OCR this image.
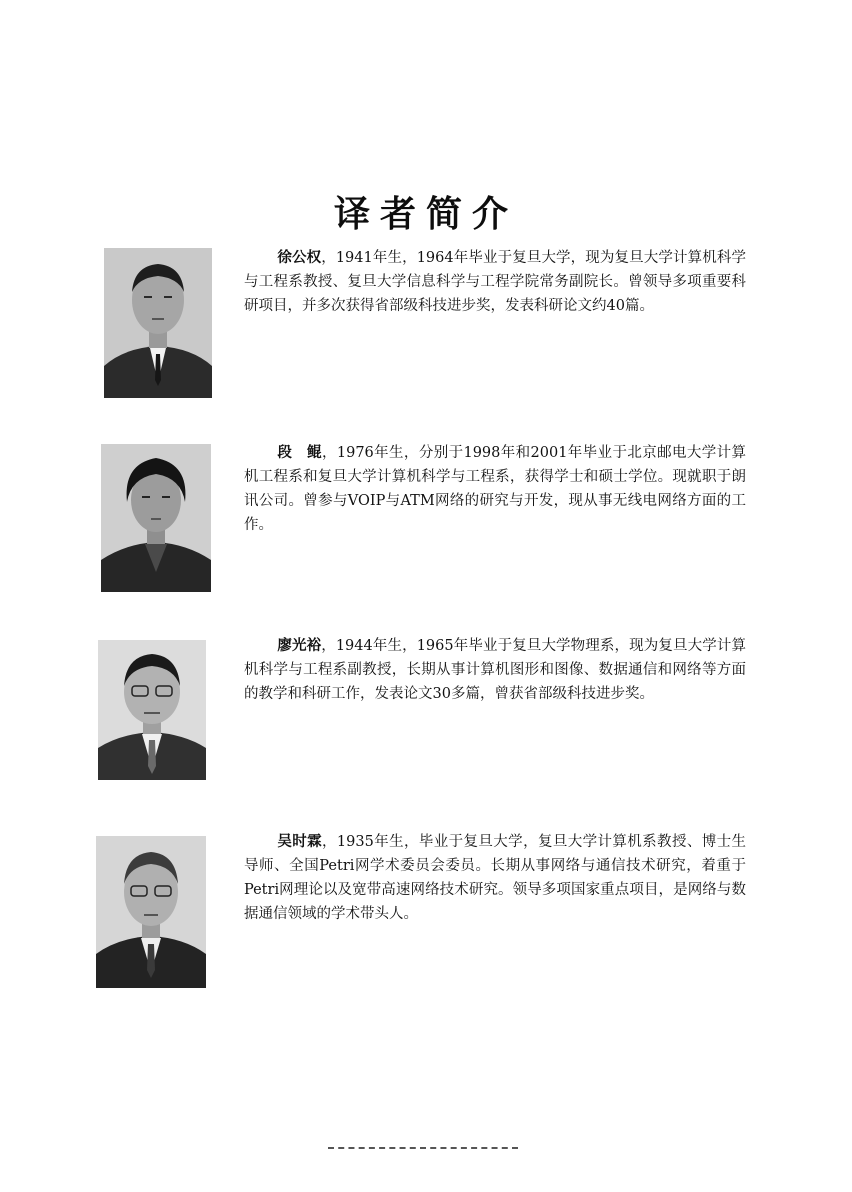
译者简介

徐公权，1941年生，1964年毕业于复旦大学，现为复旦大学计算机科学与工程系教授、复旦大学信息科学与工程学院常务副院长。曾领导多项重要科研项目，并多次获得省部级科技进步奖，发表科研论文约40篇。

段　鲲，1976年生，分别于1998年和2001年毕业于北京邮电大学计算机工程系和复旦大学计算机科学与工程系，获得学士和硕士学位。现就职于朗讯公司。曾参与VOIP与ATM网络的研究与开发，现从事无线电网络方面的工作。

廖光裕，1944年生，1965年毕业于复旦大学物理系，现为复旦大学计算机科学与工程系副教授，长期从事计算机图形和图像、数据通信和网络等方面的教学和科研工作，发表论文30多篇，曾获省部级科技进步奖。

吴时霖，1935年生，毕业于复旦大学，复旦大学计算机系教授、博士生导师、全国Petri网学术委员会委员。长期从事网络与通信技术研究，着重于Petri网理论以及宽带高速网络技术研究。领导多项国家重点项目，是网络与数据通信领域的学术带头人。
